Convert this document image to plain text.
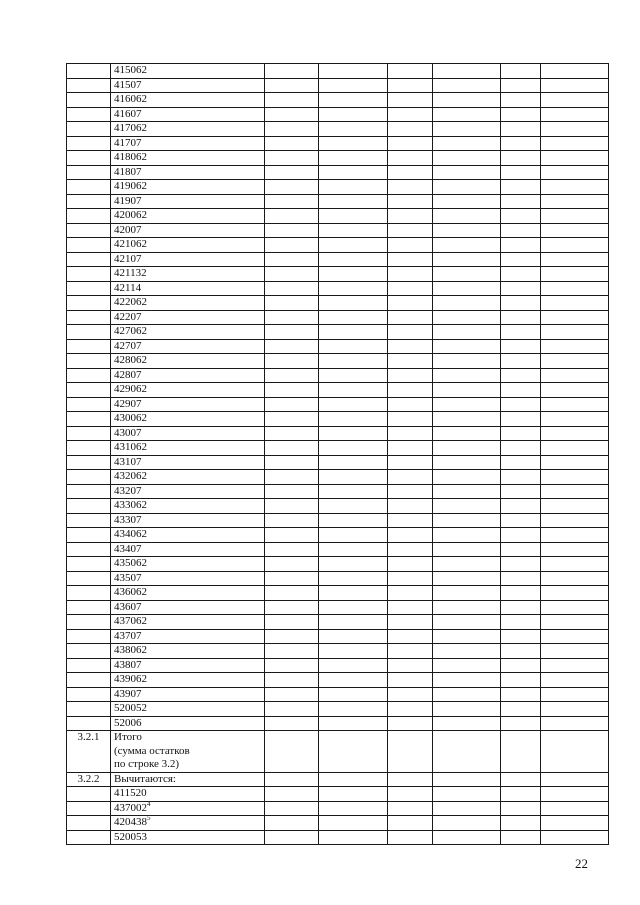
	415062						
	41507						
	416062						
	41607						
	417062						
	41707						
	418062						
	41807						
	419062						
	41907						
	420062						
	42007						
	421062						
	42107						
	421132						
	42114						
	422062						
	42207						
	427062						
	42707						
	428062						
	42807						
	429062						
	42907						
	430062						
	43007						
	431062						
	43107						
	432062						
	43207						
	433062						
	43307						
	434062						
	43407						
	435062						
	43507						
	436062						
	43607						
	437062						
	43707						
	438062						
	43807						
	439062						
	43907						
	520052						
	52006						
3.2.1	Итого
(сумма остатков
по строке 3.2)						

3.2.2	Вычитаются:						
	411520						
	437002$^4$						
	420438$^5$						
	520053						
22
